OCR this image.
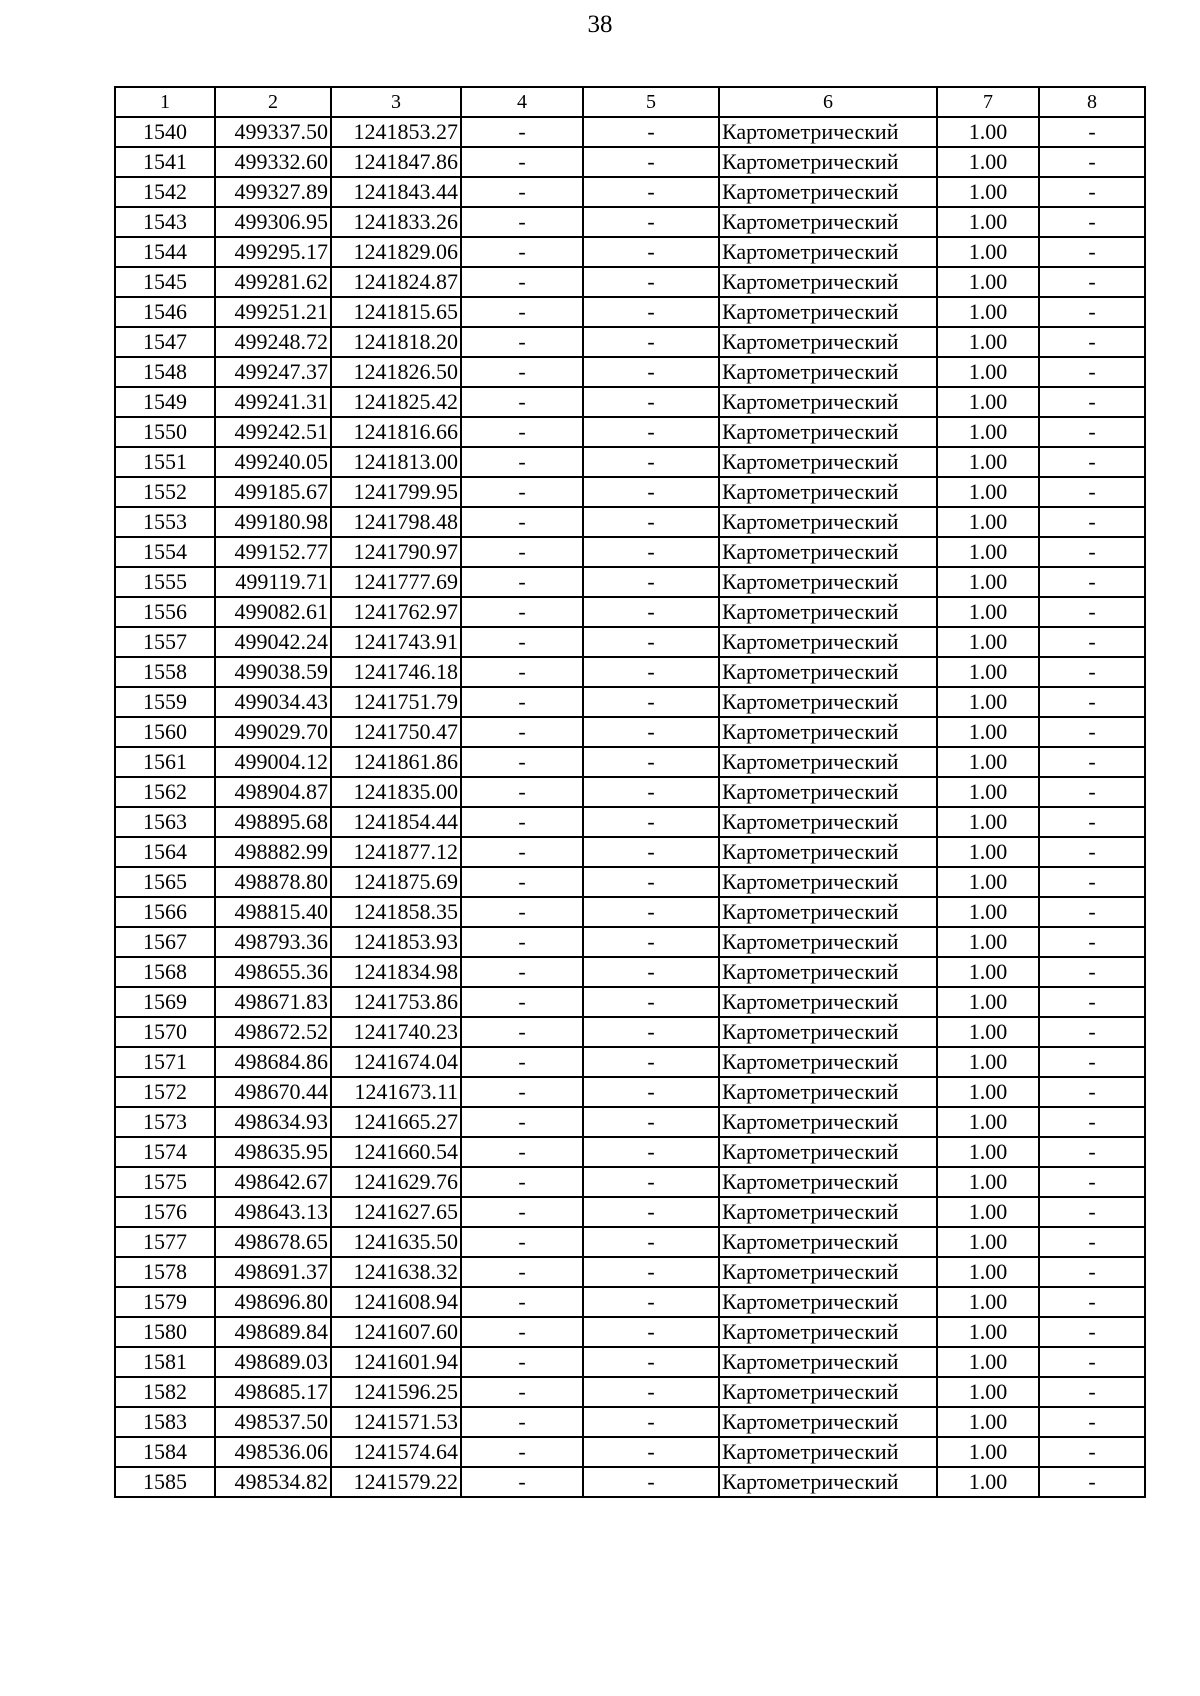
38
1	2	3	4	5	6	7	8
1540	499337.50	1241853.27	-	-	Картометрический	1.00	-
1541	499332.60	1241847.86	-	-	Картометрический	1.00	-
1542	499327.89	1241843.44	-	-	Картометрический	1.00	-
1543	499306.95	1241833.26	-	-	Картометрический	1.00	-
1544	499295.17	1241829.06	-	-	Картометрический	1.00	-
1545	499281.62	1241824.87	-	-	Картометрический	1.00	-
1546	499251.21	1241815.65	-	-	Картометрический	1.00	-
1547	499248.72	1241818.20	-	-	Картометрический	1.00	-
1548	499247.37	1241826.50	-	-	Картометрический	1.00	-
1549	499241.31	1241825.42	-	-	Картометрический	1.00	-
1550	499242.51	1241816.66	-	-	Картометрический	1.00	-
1551	499240.05	1241813.00	-	-	Картометрический	1.00	-
1552	499185.67	1241799.95	-	-	Картометрический	1.00	-
1553	499180.98	1241798.48	-	-	Картометрический	1.00	-
1554	499152.77	1241790.97	-	-	Картометрический	1.00	-
1555	499119.71	1241777.69	-	-	Картометрический	1.00	-
1556	499082.61	1241762.97	-	-	Картометрический	1.00	-
1557	499042.24	1241743.91	-	-	Картометрический	1.00	-
1558	499038.59	1241746.18	-	-	Картометрический	1.00	-
1559	499034.43	1241751.79	-	-	Картометрический	1.00	-
1560	499029.70	1241750.47	-	-	Картометрический	1.00	-
1561	499004.12	1241861.86	-	-	Картометрический	1.00	-
1562	498904.87	1241835.00	-	-	Картометрический	1.00	-
1563	498895.68	1241854.44	-	-	Картометрический	1.00	-
1564	498882.99	1241877.12	-	-	Картометрический	1.00	-
1565	498878.80	1241875.69	-	-	Картометрический	1.00	-
1566	498815.40	1241858.35	-	-	Картометрический	1.00	-
1567	498793.36	1241853.93	-	-	Картометрический	1.00	-
1568	498655.36	1241834.98	-	-	Картометрический	1.00	-
1569	498671.83	1241753.86	-	-	Картометрический	1.00	-
1570	498672.52	1241740.23	-	-	Картометрический	1.00	-
1571	498684.86	1241674.04	-	-	Картометрический	1.00	-
1572	498670.44	1241673.11	-	-	Картометрический	1.00	-
1573	498634.93	1241665.27	-	-	Картометрический	1.00	-
1574	498635.95	1241660.54	-	-	Картометрический	1.00	-
1575	498642.67	1241629.76	-	-	Картометрический	1.00	-
1576	498643.13	1241627.65	-	-	Картометрический	1.00	-
1577	498678.65	1241635.50	-	-	Картометрический	1.00	-
1578	498691.37	1241638.32	-	-	Картометрический	1.00	-
1579	498696.80	1241608.94	-	-	Картометрический	1.00	-
1580	498689.84	1241607.60	-	-	Картометрический	1.00	-
1581	498689.03	1241601.94	-	-	Картометрический	1.00	-
1582	498685.17	1241596.25	-	-	Картометрический	1.00	-
1583	498537.50	1241571.53	-	-	Картометрический	1.00	-
1584	498536.06	1241574.64	-	-	Картометрический	1.00	-
1585	498534.82	1241579.22	-	-	Картометрический	1.00	-
